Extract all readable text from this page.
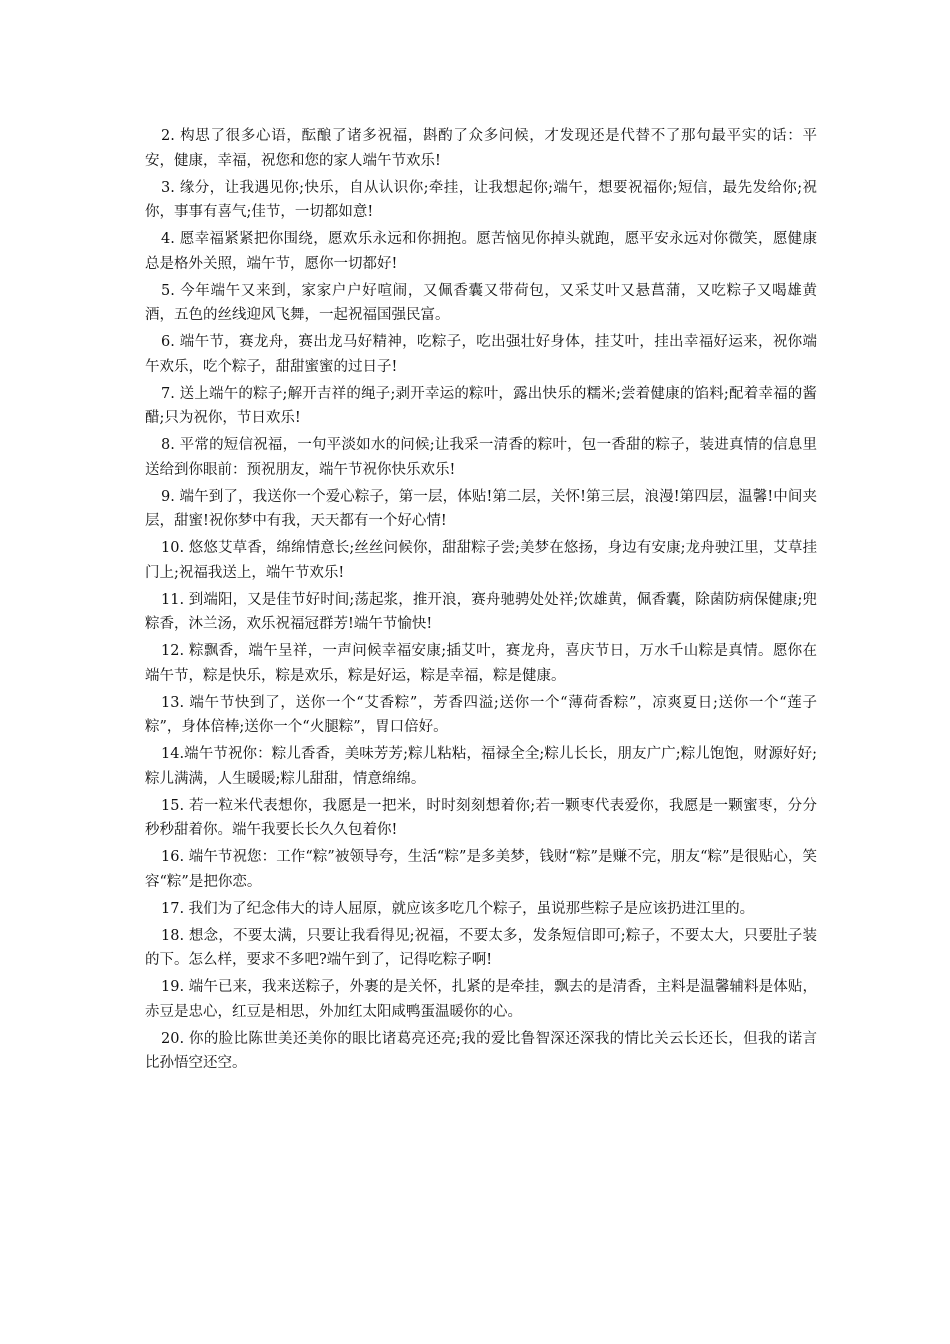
2. 构思了很多心语，酝酿了诸多祝福，斟酌了众多问候，才发现还是代替不了那句最平实的话：平安，健康，幸福，祝您和您的家人端午节欢乐!

3. 缘分，让我遇见你;快乐，自从认识你;牵挂，让我想起你;端午，想要祝福你;短信，最先发给你;祝你，事事有喜气;佳节，一切都如意!

4. 愿幸福紧紧把你围绕，愿欢乐永远和你拥抱。愿苦恼见你掉头就跑，愿平安永远对你微笑，愿健康总是格外关照，端午节，愿你一切都好!

5. 今年端午又来到，家家户户好喧闹，又佩香囊又带荷包，又采艾叶又悬菖蒲，又吃粽子又喝雄黄酒，五色的丝线迎风飞舞，一起祝福国强民富。

6. 端午节，赛龙舟，赛出龙马好精神，吃粽子，吃出强壮好身体，挂艾叶，挂出幸福好运来，祝你端午欢乐，吃个粽子，甜甜蜜蜜的过日子!

7. 送上端午的粽子;解开吉祥的绳子;剥开幸运的粽叶，露出快乐的糯米;尝着健康的馅料;配着幸福的酱醋;只为祝你，节日欢乐!

8. 平常的短信祝福，一句平淡如水的问候;让我采一清香的粽叶，包一香甜的粽子，装进真情的信息里送给到你眼前：预祝朋友，端午节祝你快乐欢乐!

9. 端午到了，我送你一个爱心粽子，第一层，体贴!第二层，关怀!第三层，浪漫!第四层，温馨!中间夹层，甜蜜!祝你梦中有我，天天都有一个好心情!

10. 悠悠艾草香，绵绵情意长;丝丝问候你，甜甜粽子尝;美梦在悠扬，身边有安康;龙舟驶江里，艾草挂门上;祝福我送上，端午节欢乐!

11. 到端阳，又是佳节好时间;荡起浆，推开浪，赛舟驰骋处处祥;饮雄黄，佩香囊，除菌防病保健康;兜粽香，沐兰汤，欢乐祝福冠群芳!端午节愉快!

12. 粽飘香，端午呈祥，一声问候幸福安康;插艾叶，赛龙舟，喜庆节日，万水千山粽是真情。愿你在端午节，粽是快乐，粽是欢乐，粽是好运，粽是幸福，粽是健康。

13. 端午节快到了，送你一个“艾香粽”，芳香四溢;送你一个“薄荷香粽”，凉爽夏日;送你一个“莲子粽”，身体倍棒;送你一个“火腿粽”，胃口倍好。

14.端午节祝你：粽儿香香，美味芳芳;粽儿粘粘，福禄全全;粽儿长长，朋友广广;粽儿饱饱，财源好好;粽儿满满，人生暖暖;粽儿甜甜，情意绵绵。

15. 若一粒米代表想你，我愿是一把米，时时刻刻想着你;若一颗枣代表爱你，我愿是一颗蜜枣，分分秒秒甜着你。端午我要长长久久包着你!

16. 端午节祝您：工作“粽”被领导夸，生活“粽”是多美梦，钱财“粽”是赚不完，朋友“粽”是很贴心，笑容“粽”是把你恋。

17. 我们为了纪念伟大的诗人屈原，就应该多吃几个粽子，虽说那些粽子是应该扔进江里的。

18. 想念，不要太满，只要让我看得见;祝福，不要太多，发条短信即可;粽子，不要太大，只要肚子装的下。怎么样，要求不多吧?端午到了，记得吃粽子啊!

19. 端午已来，我来送粽子，外裹的是关怀，扎紧的是牵挂，飘去的是清香，主料是温馨辅料是体贴，赤豆是忠心，红豆是相思，外加红太阳咸鸭蛋温暖你的心。

20. 你的脸比陈世美还美你的眼比诸葛亮还亮;我的爱比鲁智深还深我的情比关云长还长，但我的诺言比孙悟空还空。
